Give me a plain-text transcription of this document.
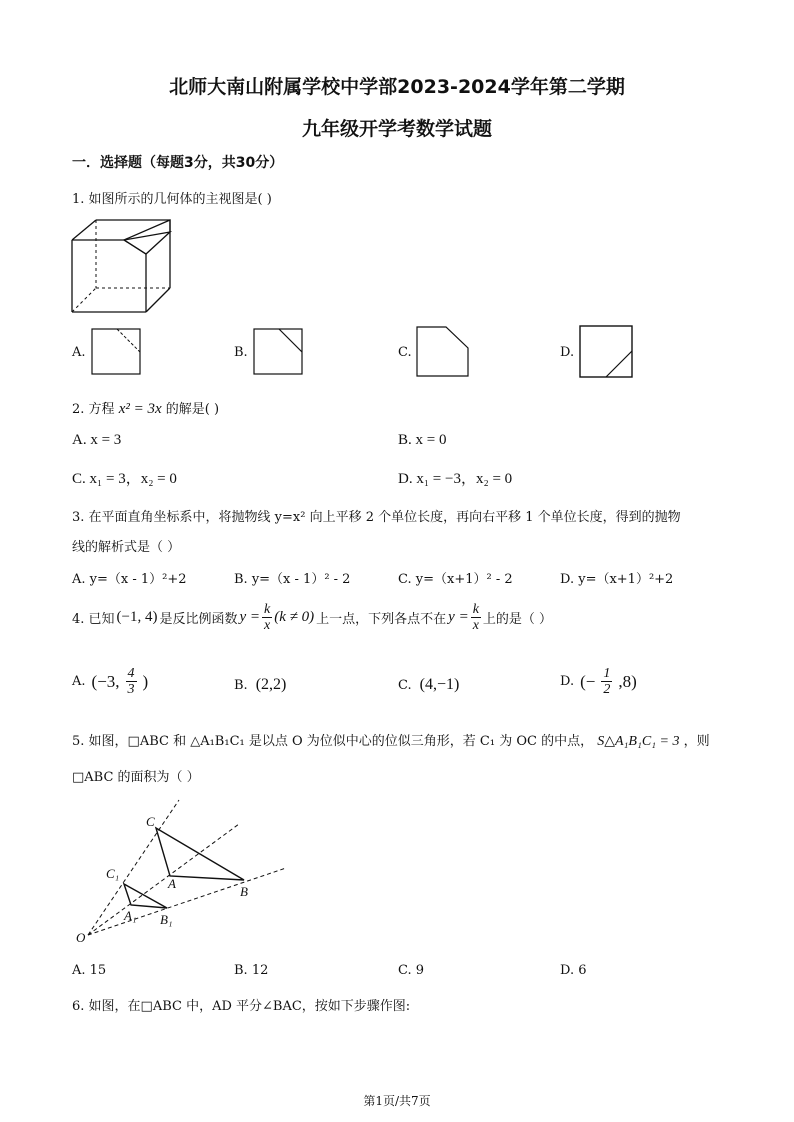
北师大南山附属学校中学部2023-2024学年第二学期
九年级开学考数学试题
一．选择题（每题3分，共30分）
1. 如图所示的几何体的主视图是( )
A.	B.	C.	D.
2. 方程 x² = 3x 的解是( )
A. x = 3	B. x = 0
C. x₁ = 3，x₂ = 0	D. x₁ = −3，x₂ = 0
3. 在平面直角坐标系中，将抛物线 y=x² 向上平移 2 个单位长度，再向右平移 1 个单位长度，得到的抛物
线的解析式是（ ）
A. y=（x - 1）²+2	B. y=（x - 1）² - 2	C. y=（x+1）² - 2	D. y=（x+1）²+2
4. 已知 (−1, 4) 是反比例函数 $y = \frac{k}{x} (k \ne 0)$ 上一点，下列各点不在 $y = \frac{k}{x}$ 上的是（ ）
A. (−3, $\frac{4}{3}$ )	B. (2,2)	C. (4,−1)	D. (− $\frac{1}{2} ,8$)
5. 如图，□ABC 和 △A₁B₁C₁ 是以点 O 为位似中心的位似三角形，若 C₁ 为 OC 的中点， S△A₁B₁C₁ = 3 ，则
□ABC 的面积为（ ）
C
C₁
A
A₁
B
B₁
O
A. 15	B. 12	C. 9	D. 6
6. 如图，在□ABC 中，AD 平分∠BAC，按如下步骤作图:
第1页/共7页
